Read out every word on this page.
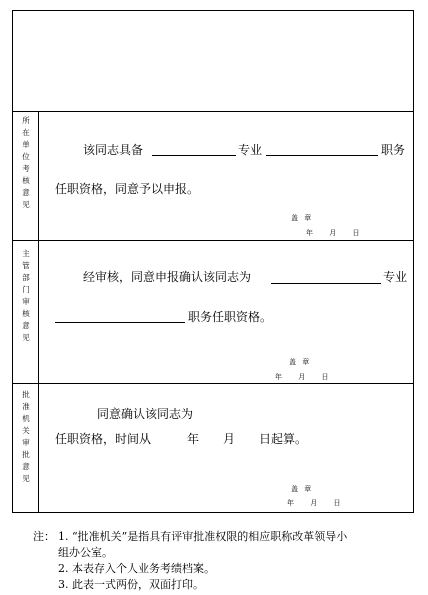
所
在
单
位
考
核
意
见
主
管
部
门
审
核
意
见
批
准
机
关
审
批
意
见
该同志具备	专业	职务
任职资格，同意予以申报。
盖 章
年 月 日
经审核，同意申报确认该同志为	专业
职务任职资格。
盖 章
年 月 日
同意确认该同志为
任职资格，时间从　　　年　　月　　日起算。
盖 章
年 月 日
注： 1. “批准机关”是指具有评审批准权限的相应职称改革领导小
组办公室。
2. 本表存入个人业务考绩档案。
3. 此表一式两份，双面打印。
